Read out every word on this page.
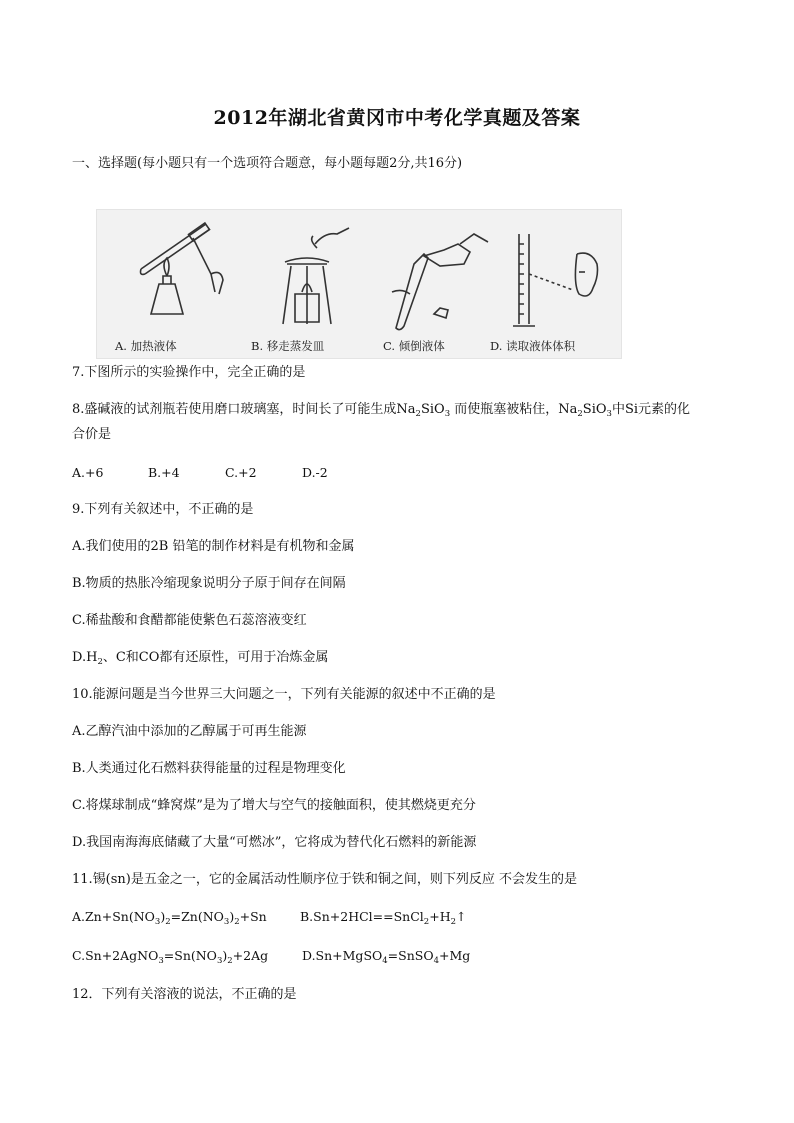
2012年湖北省黄冈市中考化学真题及答案
一、选择题(每小题只有一个选项符合题意，每小题每题2分,共16分)
A. 加热液体	B. 移走蒸发皿	C. 倾倒液体	D. 读取液体体积
7.下图所示的实验操作中，完全正确的是
8.盛碱液的试剂瓶若使用磨口玻璃塞，时间长了可能生成$Na_2SiO_3$ 而使瓶塞被粘住，$Na_2SiO_3$中Si元素的化
合价是
A.+6	B.+4	C.+2	D.-2
9.下列有关叙述中，不正确的是
A.我们使用的2B 铅笔的制作材料是有机物和金属
B.物质的热胀冷缩现象说明分子原于间存在间隔
C.稀盐酸和食醋都能使紫色石蕊溶液变红
$D.H_2$、C和CO都有还原性，可用于冶炼金属
10.能源问题是当今世界三大问题之一，下列有关能源的叙述中不正确的是
A.乙醇汽油中添加的乙醇属于可再生能源
B.人类通过化石燃料获得能量的过程是物理变化
C.将煤球制成“蜂窝煤”是为了增大与空气的接触面积，使其燃烧更充分
D.我国南海海底储藏了大量“可燃冰”，它将成为替代化石燃料的新能源
11.锡(sn)是五金之一，它的金属活动性顺序位于铁和铜之间，则下列反应 不会发生的是
$A.Zn+Sn(NO_3)_2=Zn(NO_3)_2+Sn$	$B.Sn+2HCl==SnCl_2+H_2↑$
$C.Sn+2AgNO_3=Sn(NO_3)_2+2Ag$	D.Sn+MgSO$_4$=SnSO$_4$+Mg
12．下列有关溶液的说法，不正确的是
